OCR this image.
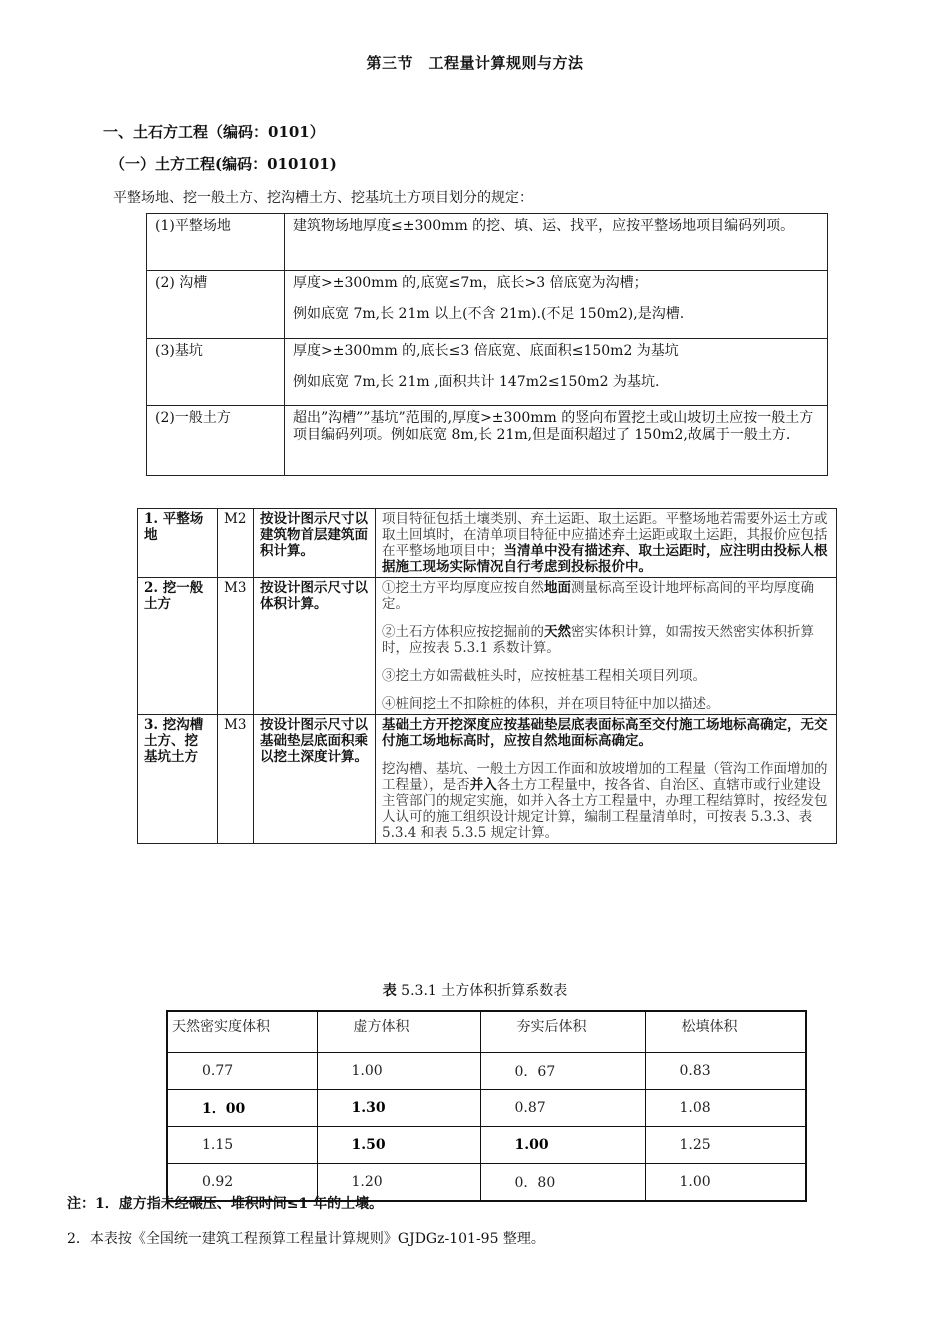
第三节　工程量计算规则与方法
一、土石方工程（编码：0101）
（一）土方工程(编码：010101)
平整场地、挖一般土方、挖沟槽土方、挖基坑土方项目划分的规定：
(1)平整场地	建筑物场地厚度≤±300mm 的挖、填、运、找平，应按平整场地项目编码列项。

(2) 沟槽	厚度>±300mm 的,底宽≤7m，底长>3 倍底宽为沟槽；

例如底宽 7m,长 21m 以上(不含 21m).(不足 150m2),是沟槽.

(3)基坑	厚度>±300mm 的,底长≤3 倍底宽、底面积≤150m2 为基坑

例如底宽 7m,长 21m ,面积共计 147m2≤150m2 为基坑.

(2)一般土方	超出”沟槽””基坑”范围的,厚度>±300mm 的竖向布置挖土或山坡切土应按一般土方项目编码列项。例如底宽 8m,长 21m,但是面积超过了 150m2,故属于一般土方.

1. 平整场地	M2	按设计图示尺寸以建筑物首层建筑面积计算。	项目特征包括土壤类别、弃土运距、取土运距。平整场地若需要外运土方或取土回填时，在清单项目特征中应描述弃土运距或取土运距，其报价应包括在平整场地项目中；当清单中没有描述弃、取土运距时，应注明由投标人根据施工现场实际情况自行考虑到投标报价中。
2. 挖一般土方	M3	按设计图示尺寸以体积计算。	①挖土方平均厚度应按自然地面测量标高至设计地坪标高间的平均厚度确定。

②土石方体积应按挖掘前的天然密实体积计算，如需按天然密实体积折算时，应按表 5.3.1 系数计算。

③挖土方如需截桩头时，应按桩基工程相关项目列项。

④桩间挖土不扣除桩的体积，并在项目特征中加以描述。

3. 挖沟槽土方、挖基坑土方	M3	按设计图示尺寸以基础垫层底面积乘以挖土深度计算。	基础土方开挖深度应按基础垫层底表面标高至交付施工场地标高确定，无交付施工场地标高时，应按自然地面标高确定。

挖沟槽、基坑、一般土方因工作面和放坡增加的工程量（管沟工作面增加的工程量），是否并入各土方工程量中，按各省、自治区、直辖市或行业建设主管部门的规定实施，如并入各土方工程量中，办理工程结算时，按经发包人认可的施工组织设计规定计算，编制工程量清单时，可按表 5.3.3、表 5.3.4 和表 5.3.5 规定计算。

表 5.3.1 土方体积折算系数表
天然密实度体积	虚方体积	夯实后体积	松填体积
0.77	1.00	0．67	0.83
1．00	1.30	0.87	1.08
1.15	1.50	1.00	1.25
0.92	1.20	0．80	1.00
注：1．虚方指未经碾压、堆积时间≤1 年的土壤。
2．本表按《全国统一建筑工程预算工程量计算规则》GJDGz-101-95 整理。
